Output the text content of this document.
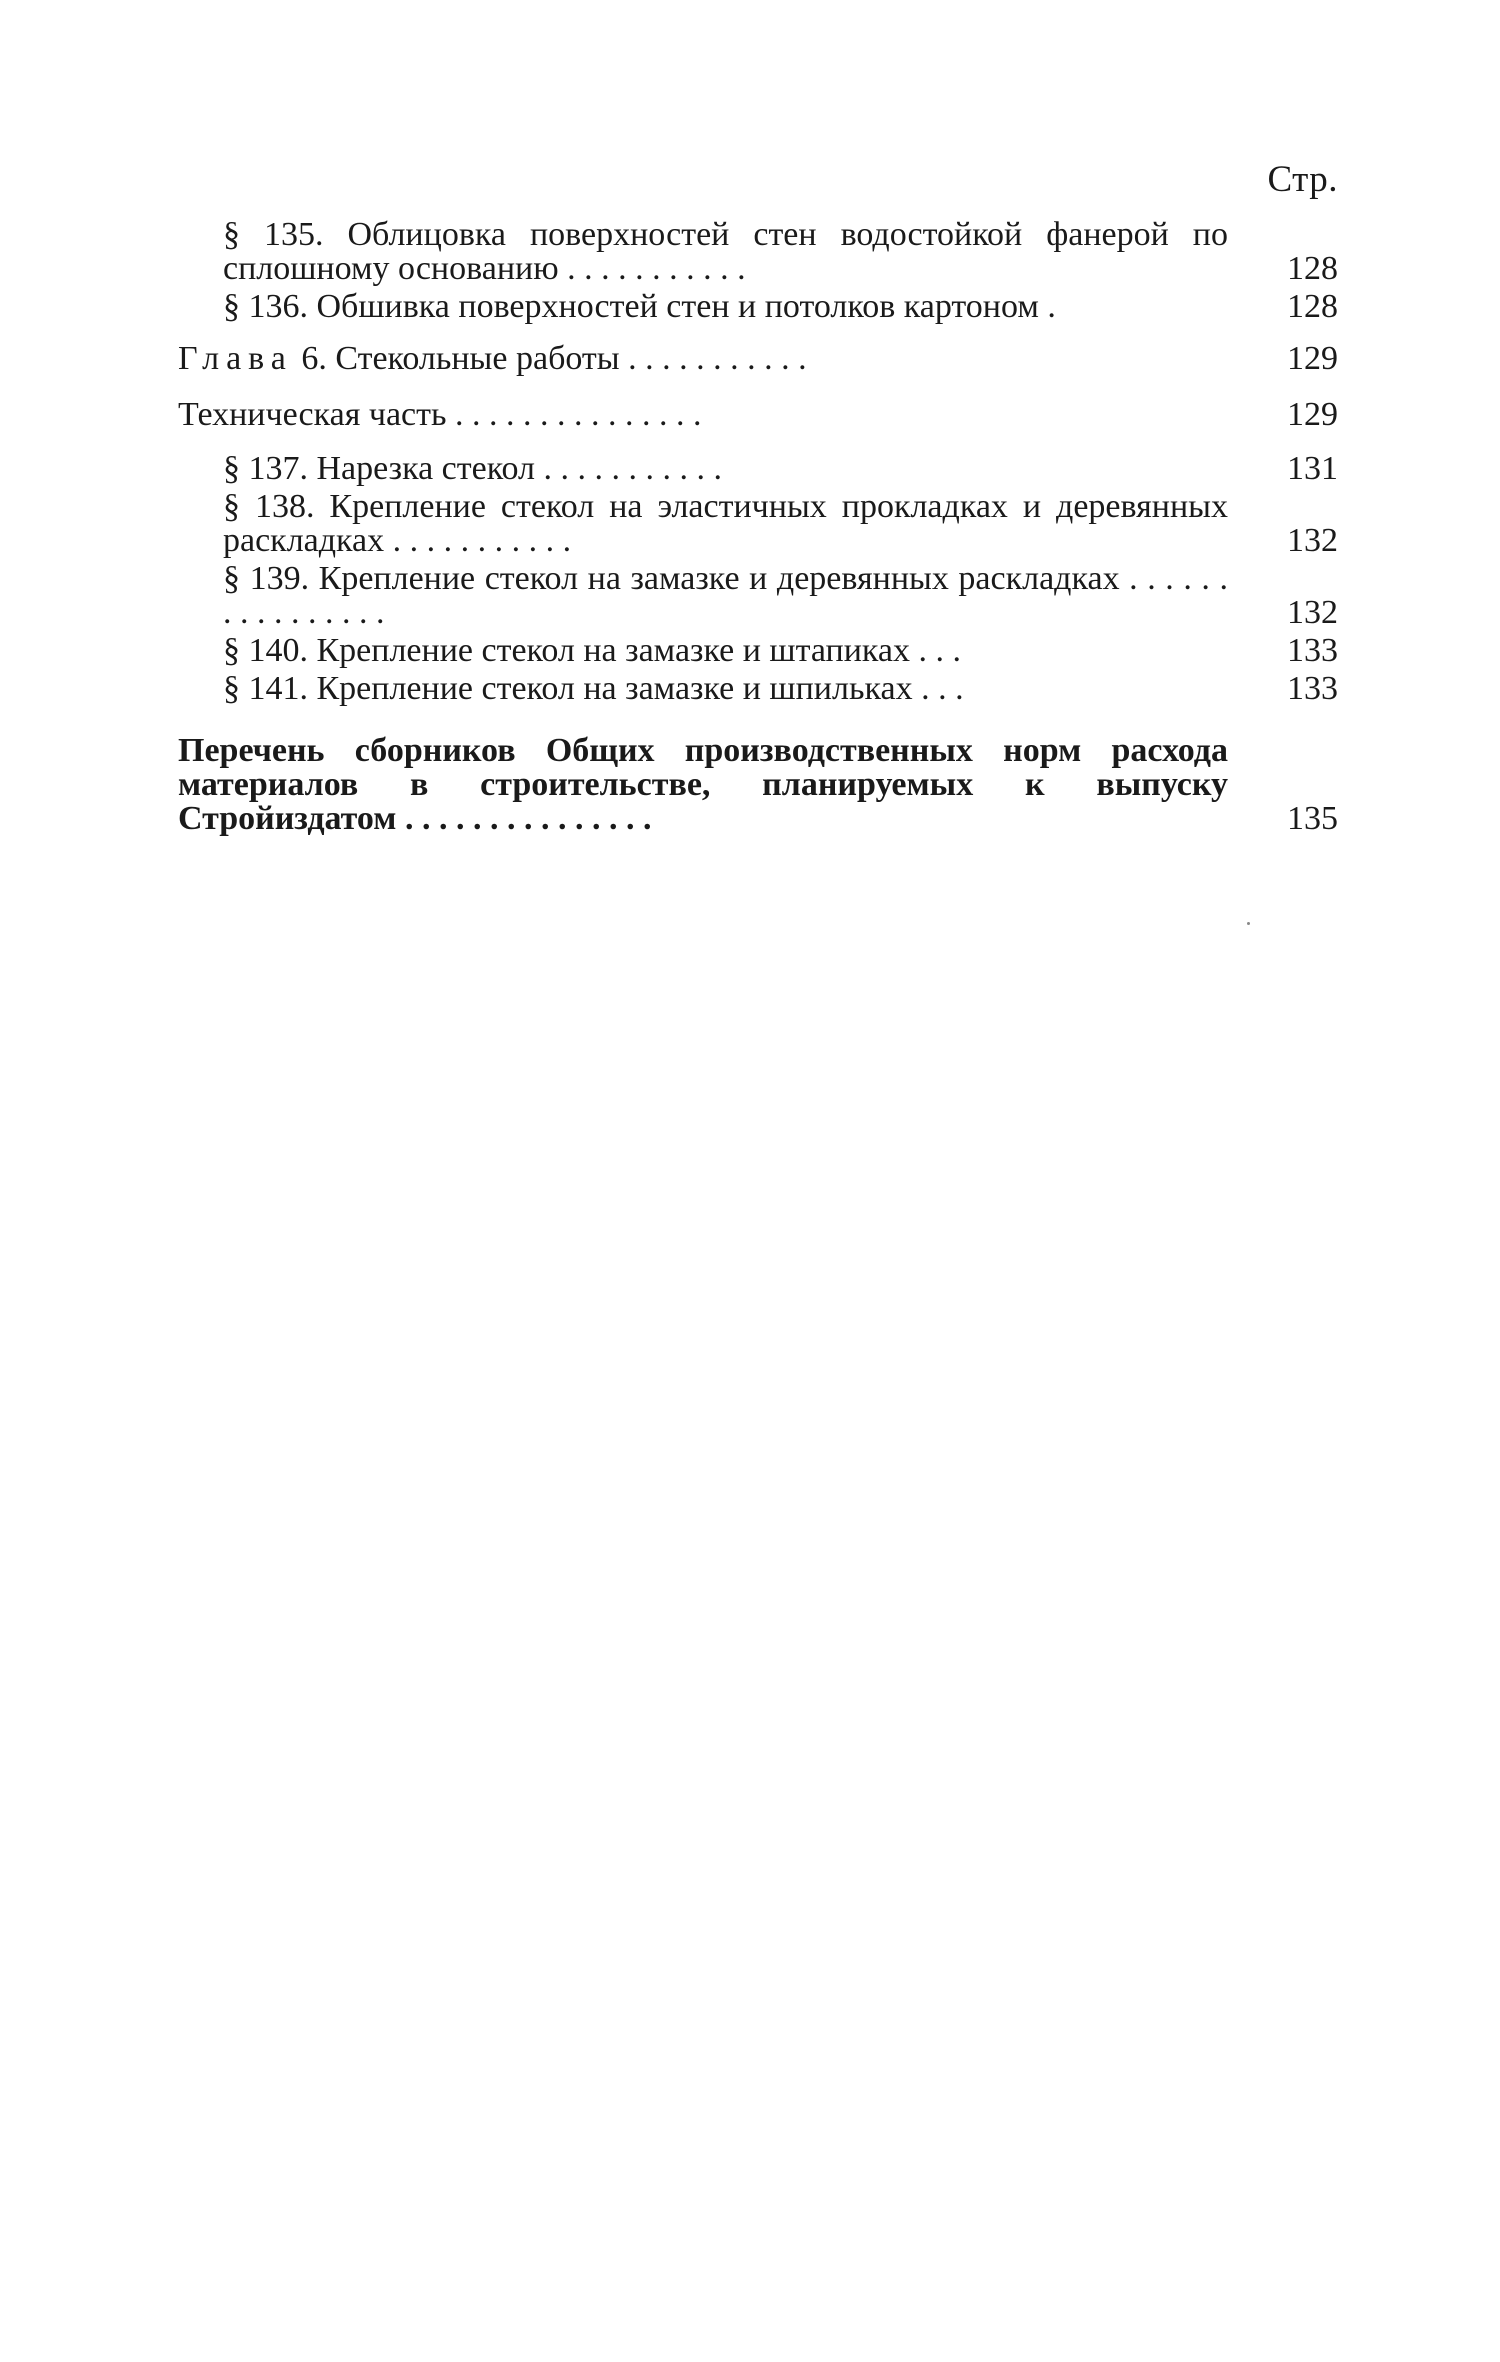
Стр.
§ 135. Облицовка поверхностей стен водостойкой фанерой по сплошному основанию . . . . . . . . . . .	128
§ 136. Обшивка поверхностей стен и потолков картоном .	128
Глава 6. Стекольные работы . . . . . . . . . . .	129
Техническая часть . . . . . . . . . . . . . . .	129
§ 137. Нарезка стекол . . . . . . . . . . .	131
§ 138. Крепление стекол на эластичных прокладках и деревянных раскладках . . . . . . . . . . .	132
§ 139. Крепление стекол на замазке и деревянных раскладках . . . . . . . . . . . . . . . .	132
§ 140. Крепление стекол на замазке и штапиках . . .	133
§ 141. Крепление стекол на замазке и шпильках . . .	133
Перечень сборников Общих производственных норм расхода материалов в строительстве, планируемых к выпуску Стройиздатом . . . . . . . . . . . . . . .	135
